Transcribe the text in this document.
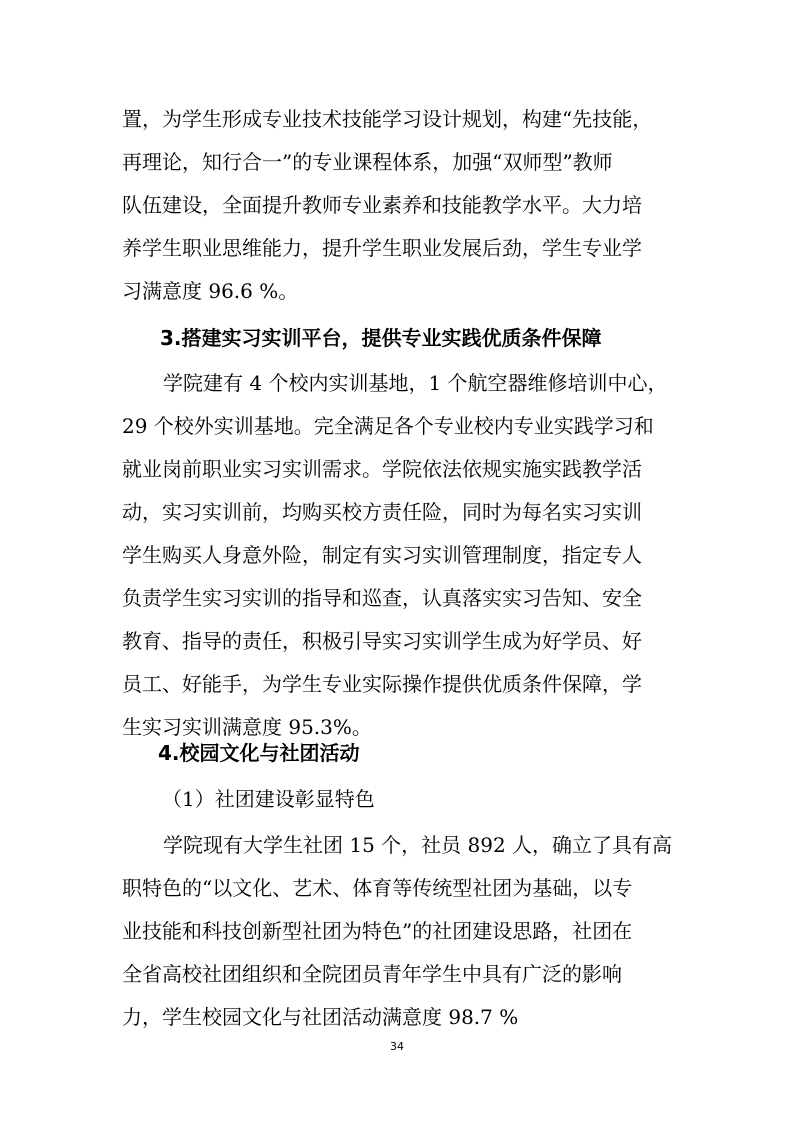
置，为学生形成专业技术技能学习设计规划，构建“先技能，

再理论，知行合一”的专业课程体系，加强“双师型”教师

队伍建设，全面提升教师专业素养和技能教学水平。大力培

养学生职业思维能力，提升学生职业发展后劲，学生专业学

习满意度 96.6 %。

3.搭建实习实训平台，提供专业实践优质条件保障

学院建有 4 个校内实训基地，1 个航空器维修培训中心，

29 个校外实训基地。完全满足各个专业校内专业实践学习和

就业岗前职业实习实训需求。学院依法依规实施实践教学活

动，实习实训前，均购买校方责任险，同时为每名实习实训

学生购买人身意外险，制定有实习实训管理制度，指定专人

负责学生实习实训的指导和巡查，认真落实实习告知、安全

教育、指导的责任，积极引导实习实训学生成为好学员、好

员工、好能手，为学生专业实际操作提供优质条件保障，学

生实习实训满意度 95.3%。

4.校园文化与社团活动

（1）社团建设彰显特色

学院现有大学生社团 15 个，社员 892 人，确立了具有高

职特色的“以文化、艺术、体育等传统型社团为基础，以专

业技能和科技创新型社团为特色”的社团建设思路，社团在

全省高校社团组织和全院团员青年学生中具有广泛的影响

力，学生校园文化与社团活动满意度 98.7 %

34
